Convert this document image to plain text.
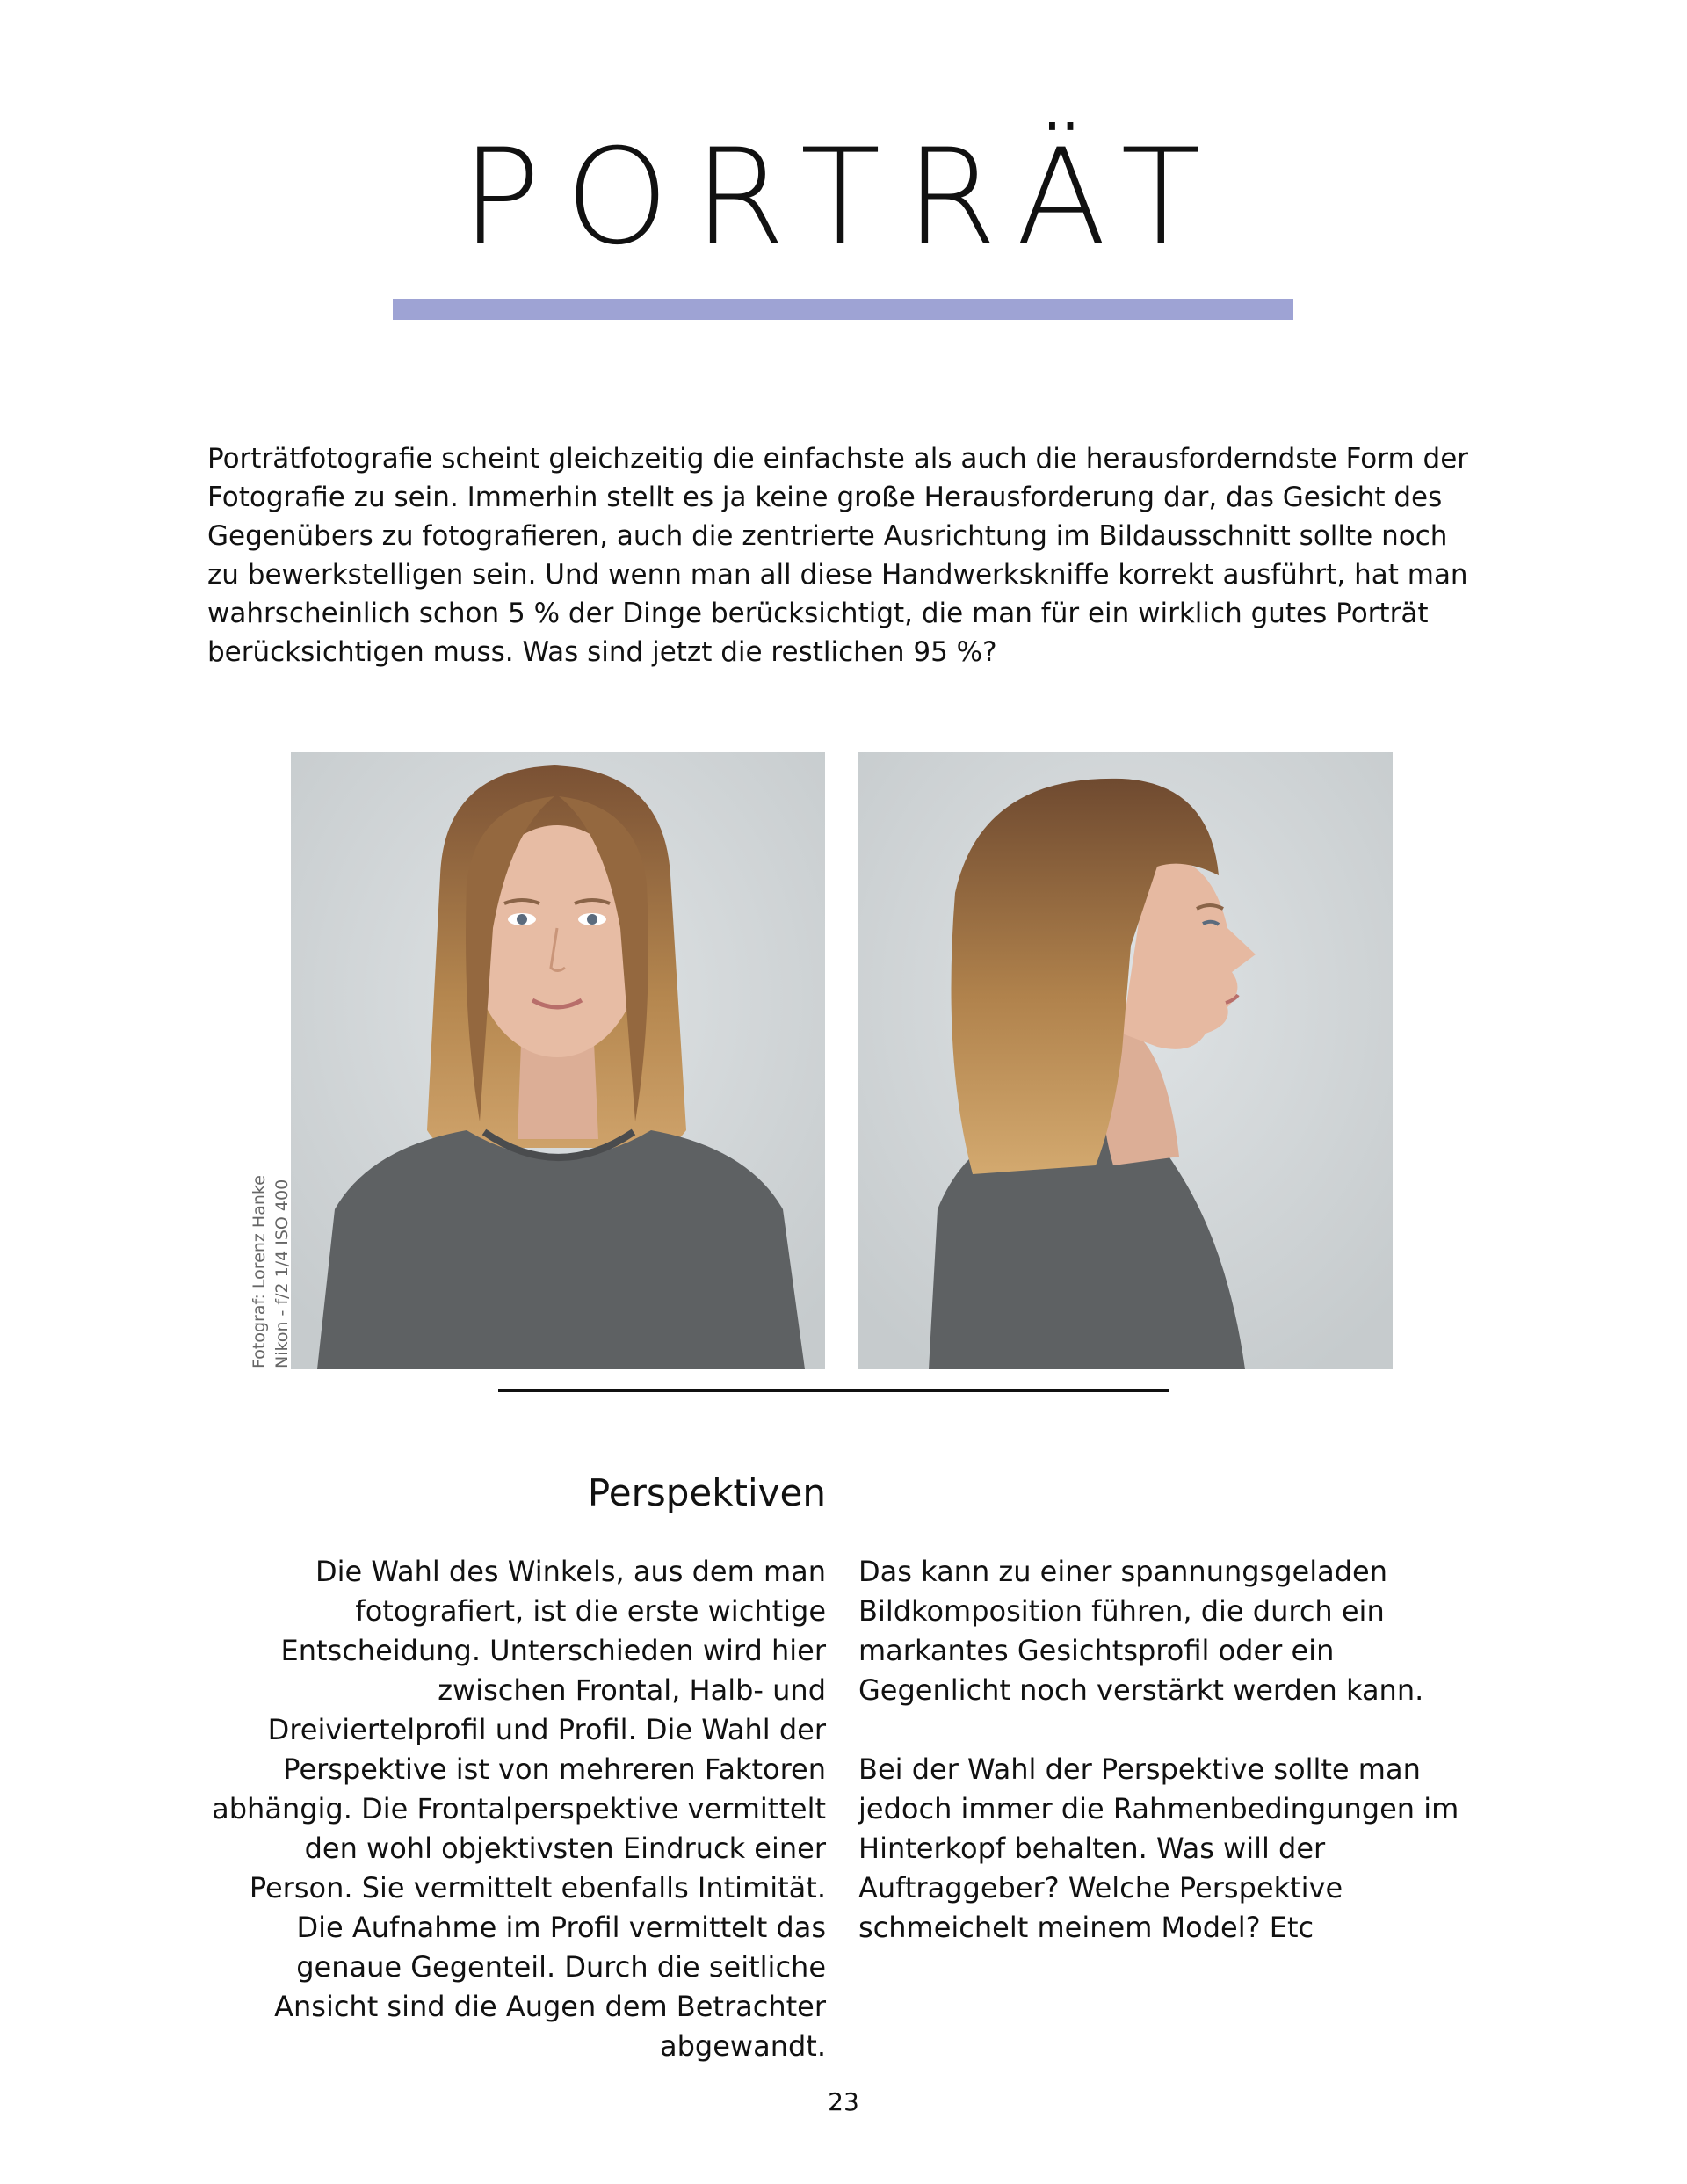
PORTRÄT

Porträtfotografie scheint gleichzeitig die einfachste als auch die herausforderndste Form der Fotografie zu sein. Immerhin stellt es ja keine große Herausforderung dar, das Gesicht des Gegenübers zu fotografieren, auch die zentrierte Ausrichtung im Bildausschnitt sollte noch zu bewerkstelligen sein. Und wenn man all diese Handwerkskniffe korrekt ausführt, hat man wahrscheinlich schon 5 % der Dinge berücksichtigt, die man für ein wirklich gutes Porträt berücksichtigen muss. Was sind jetzt die restlichen 95 %?

Fotograf: Lorenz Hanke Nikon - f/2 1/4 ISO 400
Perspektiven

Die Wahl des Winkels, aus dem man fotografiert, ist die erste wichtige Entscheidung. Unterschieden wird hier zwischen Frontal, Halb- und Dreiviertelprofil und Profil. Die Wahl der Perspektive ist von mehreren Faktoren abhängig. Die Frontalperspektive vermittelt den wohl objektivsten Eindruck einer Person. Sie vermittelt ebenfalls Intimität. Die Aufnahme im Profil vermittelt das genaue Gegenteil. Durch die seitliche Ansicht sind die Augen dem Betrachter abgewandt.

Das kann zu einer spannungsgeladen Bildkomposition führen, die durch ein markantes Gesichtsprofil oder ein Gegenlicht noch verstärkt werden kann.

Bei der Wahl der Perspektive sollte man jedoch immer die Rahmenbedingungen im Hinterkopf behalten. Was will der Auftraggeber? Welche Perspektive schmeichelt meinem Model? Etc

23
